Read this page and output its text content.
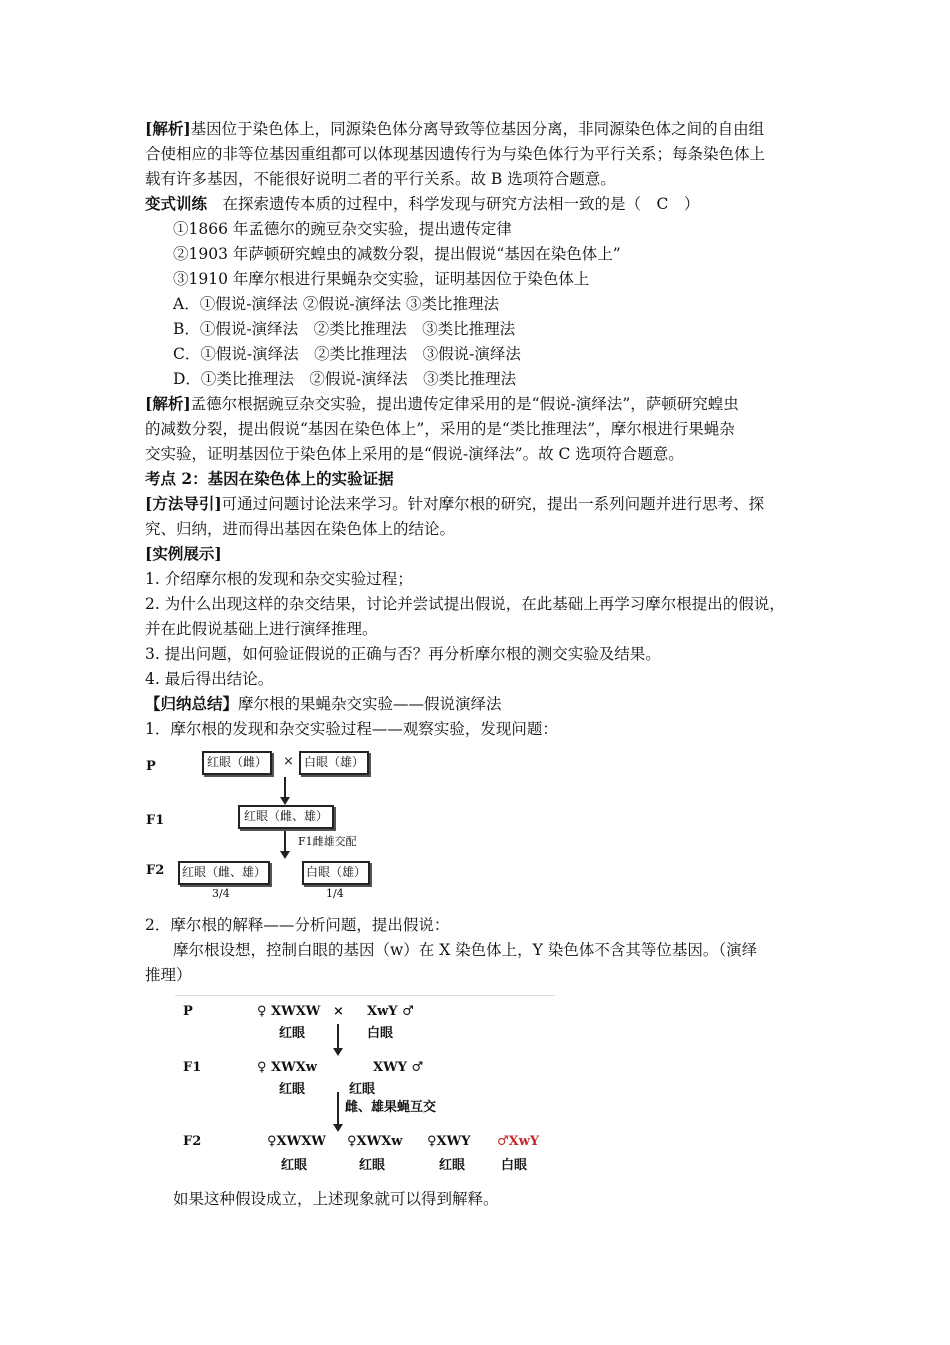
[解析]基因位于染色体上，同源染色体分离导致等位基因分离，非同源染色体之间的自由组
合使相应的非等位基因重组都可以体现基因遗传行为与染色体行为平行关系；每条染色体上
载有许多基因，不能很好说明二者的平行关系。故 B 选项符合题意。
变式训练　在探索遗传本质的过程中，科学发现与研究方法相一致的是（　C　）
①1866 年孟德尔的豌豆杂交实验，提出遗传定律
②1903 年萨顿研究蝗虫的减数分裂，提出假说“基因在染色体上”
③1910 年摩尔根进行果蝇杂交实验，证明基因位于染色体上
A．①假说-演绎法 ②假说-演绎法 ③类比推理法
B．①假说-演绎法　②类比推理法　③类比推理法
C．①假说-演绎法　②类比推理法　③假说-演绎法
D．①类比推理法　②假说-演绎法　③类比推理法
[解析]孟德尔根据豌豆杂交实验，提出遗传定律采用的是“假说-演绎法”，萨顿研究蝗虫
的减数分裂，提出假说“基因在染色体上”，采用的是“类比推理法”，摩尔根进行果蝇杂
交实验，证明基因位于染色体上采用的是“假说-演绎法”。故 C 选项符合题意。
考点 2：基因在染色体上的实验证据
[方法导引]可通过问题讨论法来学习。针对摩尔根的研究，提出一系列问题并进行思考、探
究、归纳，进而得出基因在染色体上的结论。
[实例展示]
1. 介绍摩尔根的发现和杂交实验过程；
2. 为什么出现这样的杂交结果，讨论并尝试提出假说，在此基础上再学习摩尔根提出的假说，
并在此假说基础上进行演绎推理。
3. 提出问题，如何验证假说的正确与否？再分析摩尔根的测交实验及结果。
4. 最后得出结论。
【归纳总结】摩尔根的果蝇杂交实验——假说演绎法
1．摩尔根的发现和杂交实验过程——观察实验，发现问题：
P
F1
F2
红眼（雌）	× 白眼（雄）
红眼（雌、雄）
F1雌雄交配
红眼（雌、雄）	白眼（雄）
3/4	1/4
2．摩尔根的解释——分析问题，提出假说：
摩尔根设想，控制白眼的基因（w）在 X 染色体上，Y 染色体不含其等位基因。（演绎
推理）
P
F1
F2
♀ XWXW × XwY ♂
红眼	白眼
♀ XWXw	XWY ♂
红眼	红眼
雌、雄果蝇互交
♀XWXW ♀XWXw ♀XWY ♂XwY
红眼	红眼	红眼	白眼
如果这种假设成立，上述现象就可以得到解释。
